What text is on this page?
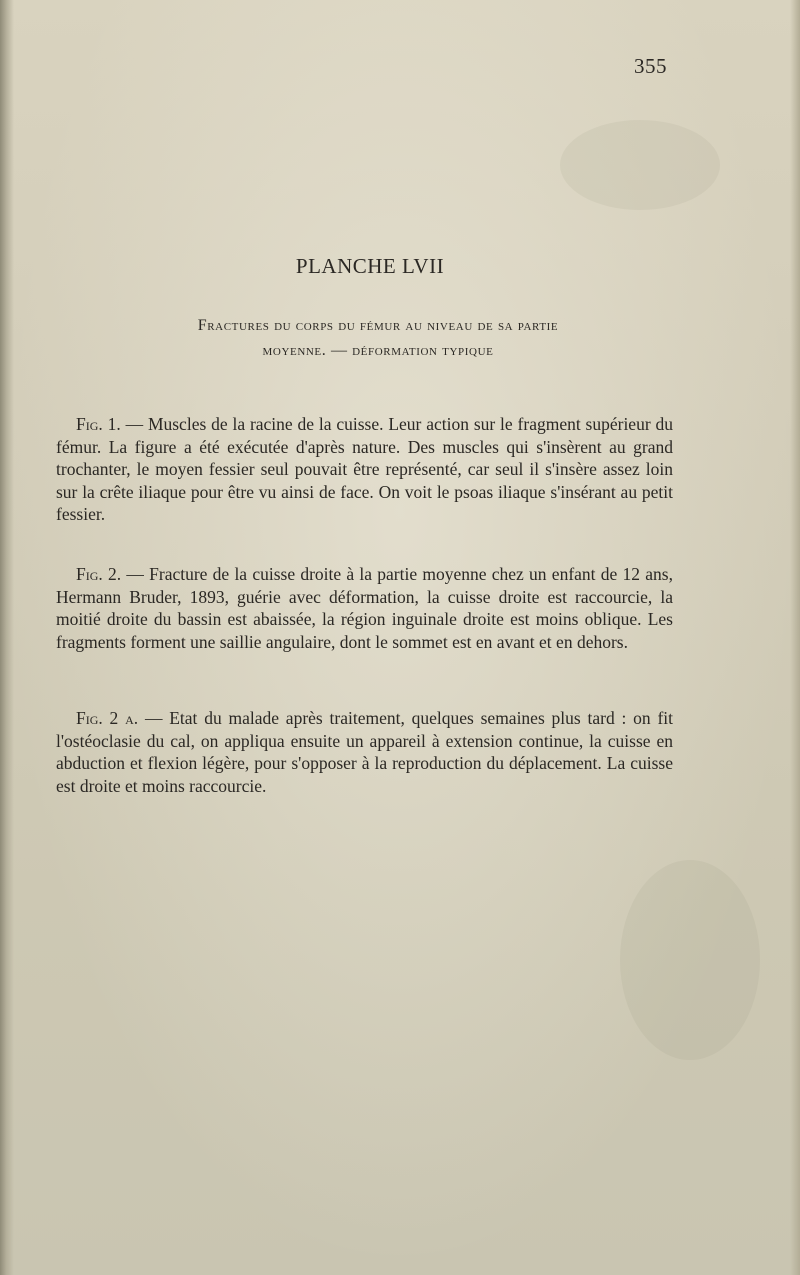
355
PLANCHE LVII
Fractures du corps du fémur au niveau de sa partie
moyenne. — déformation typique
Fig. 1. — Muscles de la racine de la cuisse. Leur action sur le fragment supérieur du fémur. La figure a été exécutée d'après nature. Des muscles qui s'insèrent au grand trochanter, le moyen fessier seul pouvait être représenté, car seul il s'insère assez loin sur la crête iliaque pour être vu ainsi de face. On voit le psoas iliaque s'insérant au petit fessier.
Fig. 2. — Fracture de la cuisse droite à la partie moyenne chez un enfant de 12 ans, Hermann Bruder, 1893, guérie avec déformation, la cuisse droite est raccourcie, la moitié droite du bassin est abaissée, la région inguinale droite est moins oblique. Les fragments forment une saillie angulaire, dont le sommet est en avant et en dehors.
Fig. 2 a. — Etat du malade après traitement, quelques semaines plus tard : on fit l'ostéoclasie du cal, on appliqua ensuite un appareil à extension continue, la cuisse en abduction et flexion légère, pour s'opposer à la reproduction du déplacement. La cuisse est droite et moins raccourcie.
